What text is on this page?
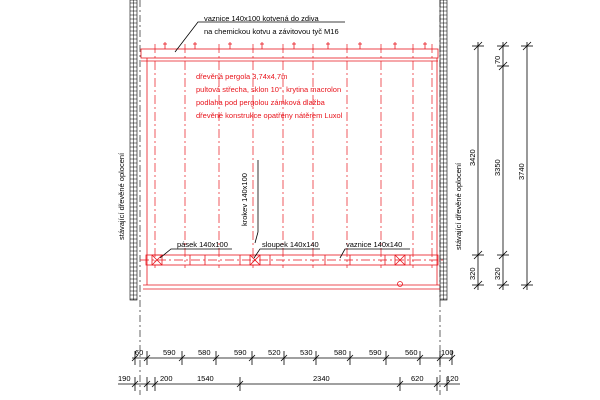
stávající dřevěné oplocení	stávající dřevěné oplocení
dřevěná pergola 3,74x4,7m
pultová střecha, sklon 10°, krytina macrolon
podlaha pod pergolou zámková dlažba
dřevěné konstrukce opatřeny nátěrem Luxol
vaznice 140x100 kotvená do zdiva
na chemickou kotvu a závitovou tyč M16
krokev 140x100
pásek 140x100	sloupek 140x140	vaznice 140x140
60	590	580	590	520	530	580	590	560	100
190	200	1540	2340	620	120
3420
320
70
3350
320
3740
